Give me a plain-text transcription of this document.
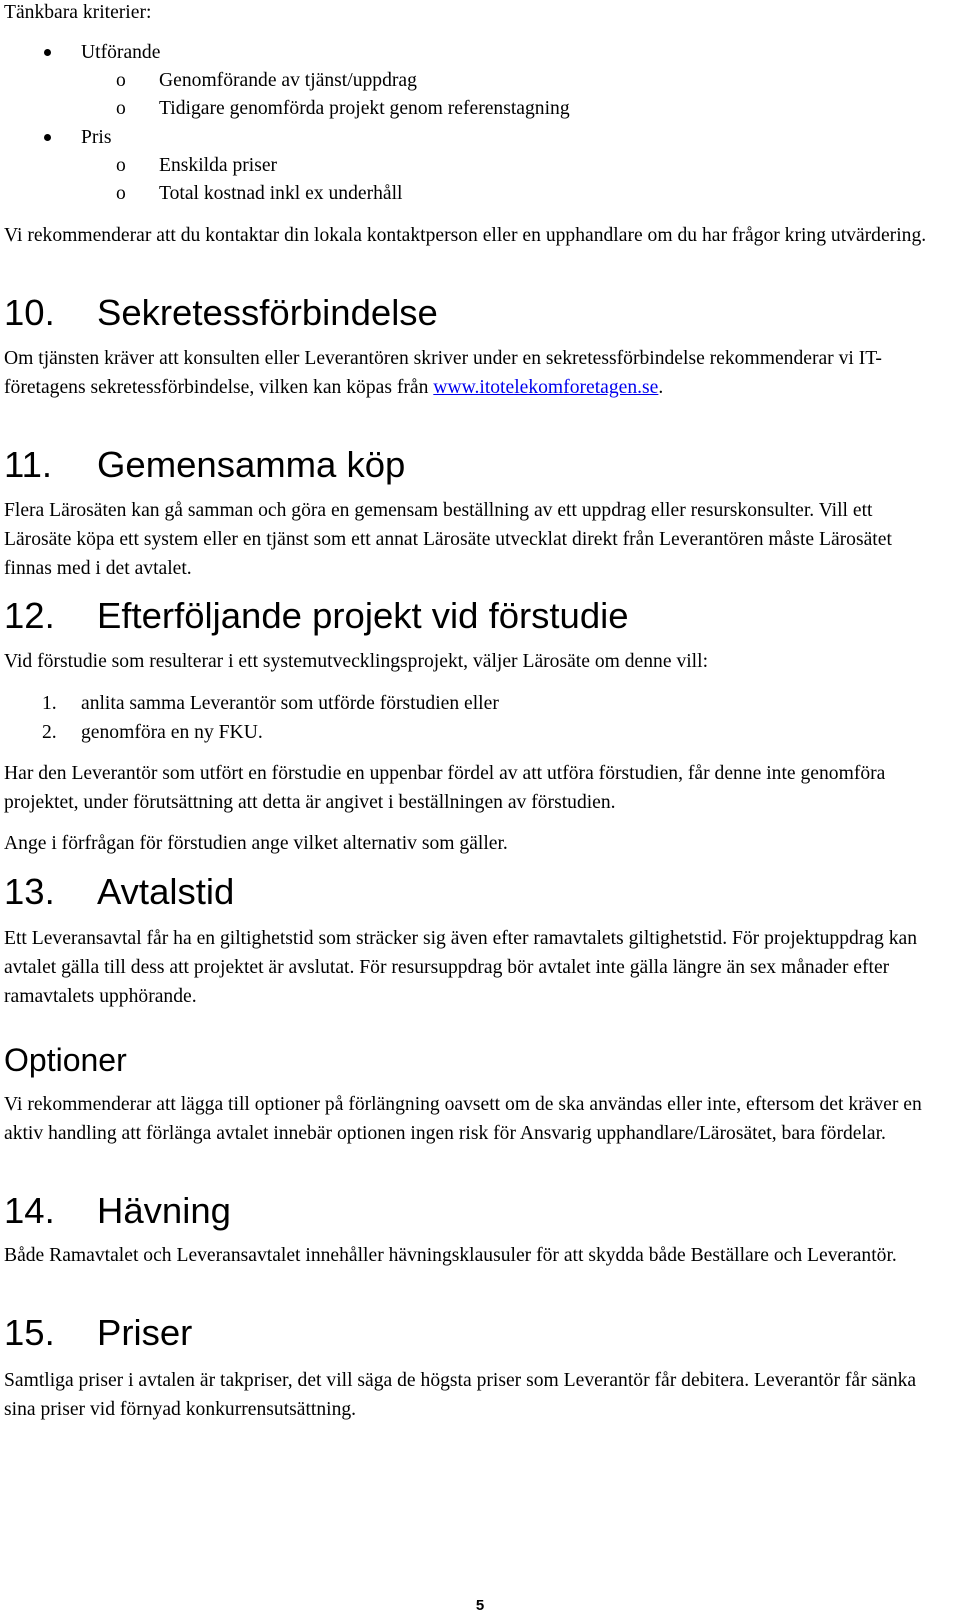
Tänkbara kriterier:

Utförande
o Genomförande av tjänst/uppdrag
o Tidigare genomförda projekt genom referenstagning
Pris
o Enskilda priser
o Total kostnad inkl ex underhåll

Vi rekommenderar att du kontaktar din lokala kontaktperson eller en upphandlare om du har frågor kring utvärdering.

10. Sekretessförbindelse

Om tjänsten kräver att konsulten eller Leverantören skriver under en sekretessförbindelse rekommenderar vi IT-företagens sekretessförbindelse, vilken kan köpas från www.itotelekomforetagen.se.

11. Gemensamma köp

Flera Lärosäten kan gå samman och göra en gemensam beställning av ett uppdrag eller resurskonsulter. Vill ett Lärosäte köpa ett system eller en tjänst som ett annat Lärosäte utvecklat direkt från Leverantören måste Lärosätet finnas med i det avtalet.

12. Efterföljande projekt vid förstudie

Vid förstudie som resulterar i ett systemutvecklingsprojekt, väljer Lärosäte om denne vill:

1. anlita samma Leverantör som utförde förstudien eller
2. genomföra en ny FKU.

Har den Leverantör som utfört en förstudie en uppenbar fördel av att utföra förstudien, får denne inte genomföra projektet, under förutsättning att detta är angivet i beställningen av förstudien.

Ange i förfrågan för förstudien ange vilket alternativ som gäller.

13. Avtalstid

Ett Leveransavtal får ha en giltighetstid som sträcker sig även efter ramavtalets giltighetstid. För projektuppdrag kan avtalet gälla till dess att projektet är avslutat. För resursuppdrag bör avtalet inte gälla längre än sex månader efter ramavtalets upphörande.

Optioner

Vi rekommenderar att lägga till optioner på förlängning oavsett om de ska användas eller inte, eftersom det kräver en aktiv handling att förlänga avtalet innebär optionen ingen risk för Ansvarig upphandlare/Lärosätet, bara fördelar.

14. Hävning

Både Ramavtalet och Leveransavtalet innehåller hävningsklausuler för att skydda både Beställare och Leverantör.

15. Priser

Samtliga priser i avtalen är takpriser, det vill säga de högsta priser som Leverantör får debitera. Leverantör får sänka sina priser vid förnyad konkurrensutsättning.

5
